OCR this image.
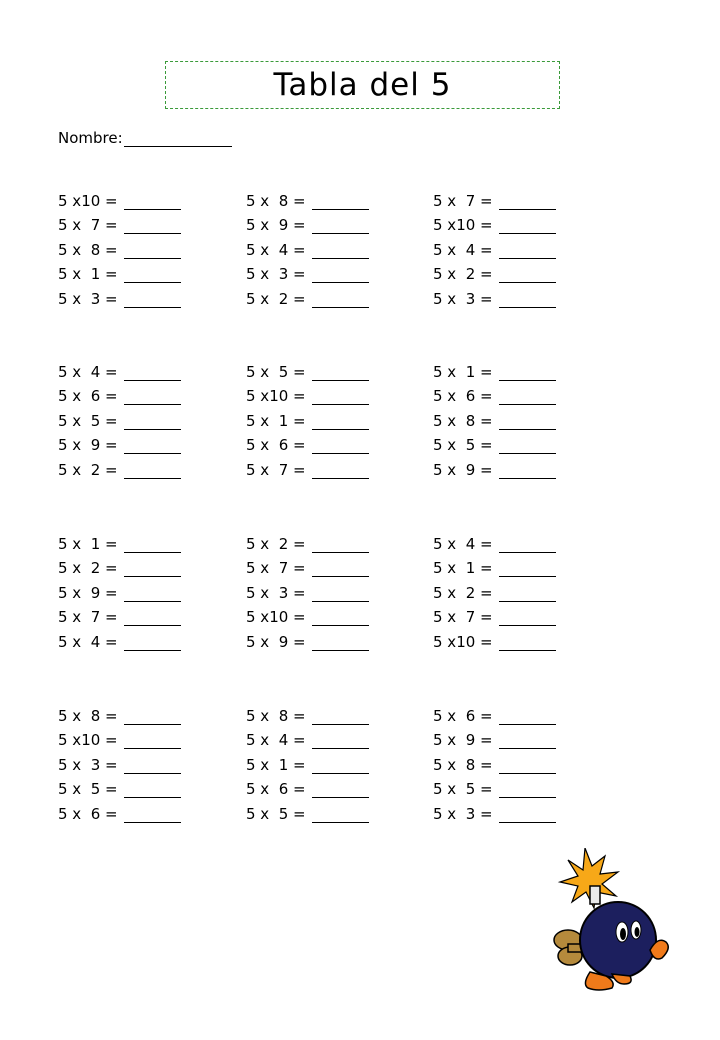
Tabla del 5
Nombre:
5 x10 =
5 x  7 =
5 x  8 =
5 x  1 =
5 x  3 =
5 x  8 =
5 x  9 =
5 x  4 =
5 x  3 =
5 x  2 =
5 x  7 =
5 x10 =
5 x  4 =
5 x  2 =
5 x  3 =
5 x  4 =
5 x  6 =
5 x  5 =
5 x  9 =
5 x  2 =
5 x  5 =
5 x10 =
5 x  1 =
5 x  6 =
5 x  7 =
5 x  1 =
5 x  6 =
5 x  8 =
5 x  5 =
5 x  9 =
5 x  1 =
5 x  2 =
5 x  9 =
5 x  7 =
5 x  4 =
5 x  2 =
5 x  7 =
5 x  3 =
5 x10 =
5 x  9 =
5 x  4 =
5 x  1 =
5 x  2 =
5 x  7 =
5 x10 =
5 x  8 =
5 x10 =
5 x  3 =
5 x  5 =
5 x  6 =
5 x  8 =
5 x  4 =
5 x  1 =
5 x  6 =
5 x  5 =
5 x  6 =
5 x  9 =
5 x  8 =
5 x  5 =
5 x  3 =
